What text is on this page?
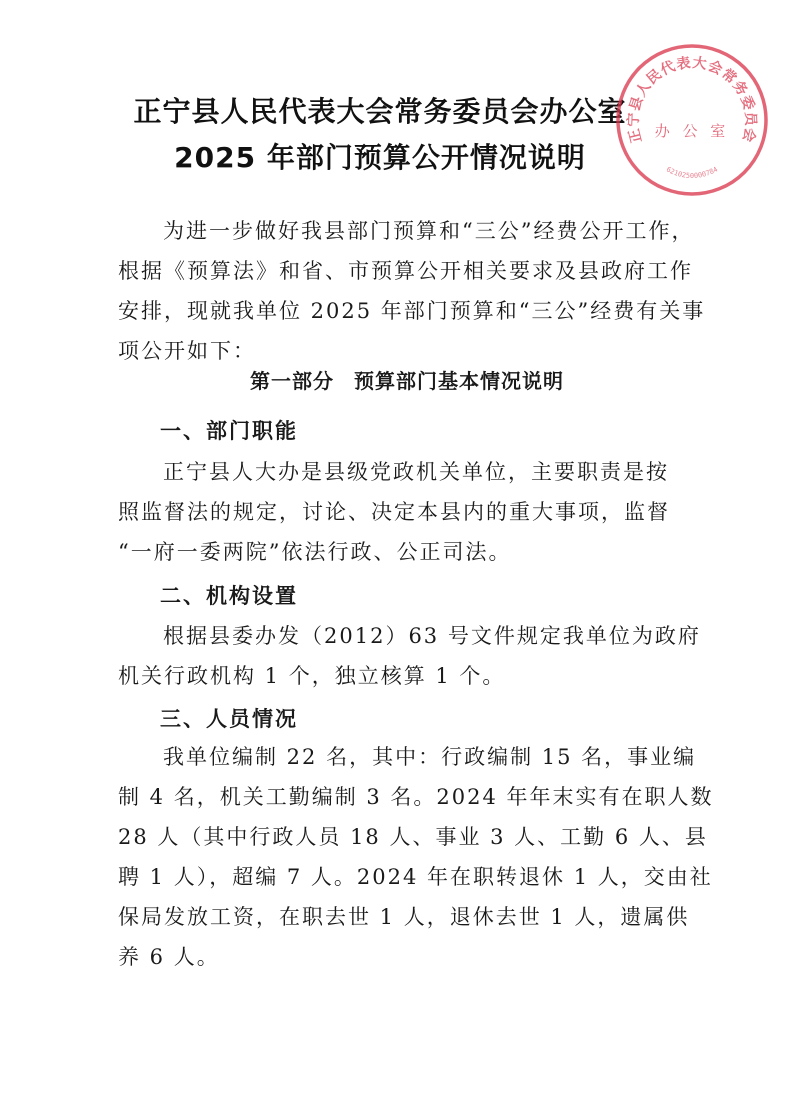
正宁县人民代表大会常务委员会办公室
2025 年部门预算公开情况说明
正宁县人民代表大会常务委员会
办 公 室
6210250000784

为进一步做好我县部门预算和“三公”经费公开工作，

根据《预算法》和省、市预算公开相关要求及县政府工作

安排，现就我单位 2025 年部门预算和“三公”经费有关事

项公开如下：

第一部分 预算部门基本情况说明
一、部门职能

正宁县人大办是县级党政机关单位，主要职责是按

照监督法的规定，讨论、决定本县内的重大事项，监督

“一府一委两院”依法行政、公正司法。

二、机构设置

根据县委办发（2012）63 号文件规定我单位为政府

机关行政机构 1 个，独立核算 1 个。

三、人员情况

我单位编制 22 名，其中：行政编制 15 名，事业编

制 4 名，机关工勤编制 3 名。2024 年年末实有在职人数

28 人（其中行政人员 18 人、事业 3 人、工勤 6 人、县

聘 1 人），超编 7 人。2024 年在职转退休 1 人，交由社

保局发放工资，在职去世 1 人，退休去世 1 人，遗属供

养 6 人。
